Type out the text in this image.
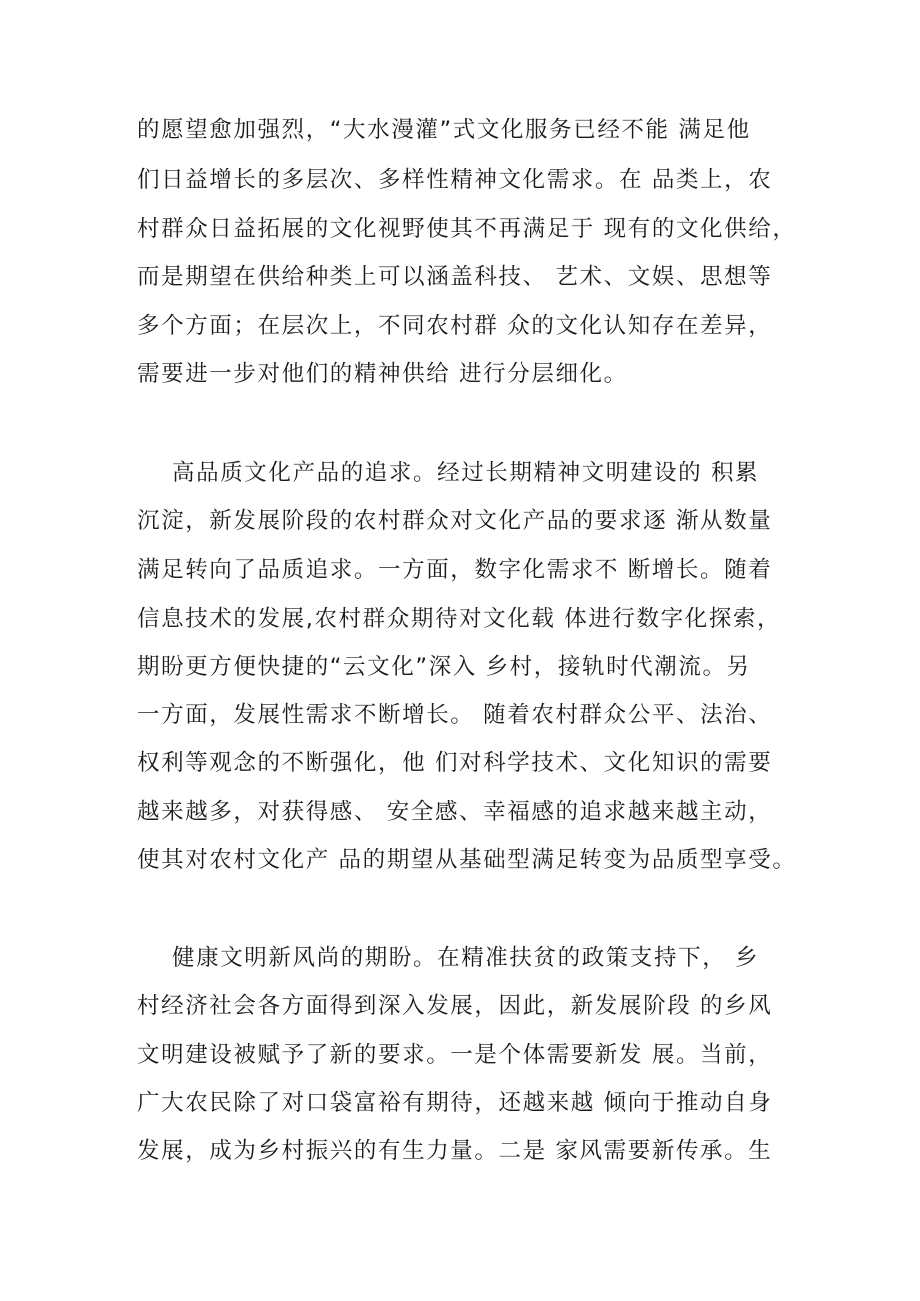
的愿望愈加强烈，“大水漫灌”式文化服务已经不能 满足他
们日益增长的多层次、多样性精神文化需求。在 品类上，农
村群众日益拓展的文化视野使其不再满足于 现有的文化供给，
而是期望在供给种类上可以涵盖科技、 艺术、文娱、思想等
多个方面；在层次上，不同农村群 众的文化认知存在差异，
需要进一步对他们的精神供给 进行分层细化。
高品质文化产品的追求。经过长期精神文明建设的 积累
沉淀，新发展阶段的农村群众对文化产品的要求逐 渐从数量
满足转向了品质追求。一方面，数字化需求不 断增长。随着
信息技术的发展,农村群众期待对文化载 体进行数字化探索，
期盼更方便快捷的“云文化”深入 乡村，接轨时代潮流。另
一方面，发展性需求不断增长。 随着农村群众公平、法治、
权利等观念的不断强化，他 们对科学技术、文化知识的需要
越来越多，对获得感、 安全感、幸福感的追求越来越主动，
使其对农村文化产 品的期望从基础型满足转变为品质型享受。
健康文明新风尚的期盼。在精准扶贫的政策支持下， 乡
村经济社会各方面得到深入发展，因此，新发展阶段 的乡风
文明建设被赋予了新的要求。一是个体需要新发 展。当前，
广大农民除了对口袋富裕有期待，还越来越 倾向于推动自身
发展，成为乡村振兴的有生力量。二是 家风需要新传承。生
